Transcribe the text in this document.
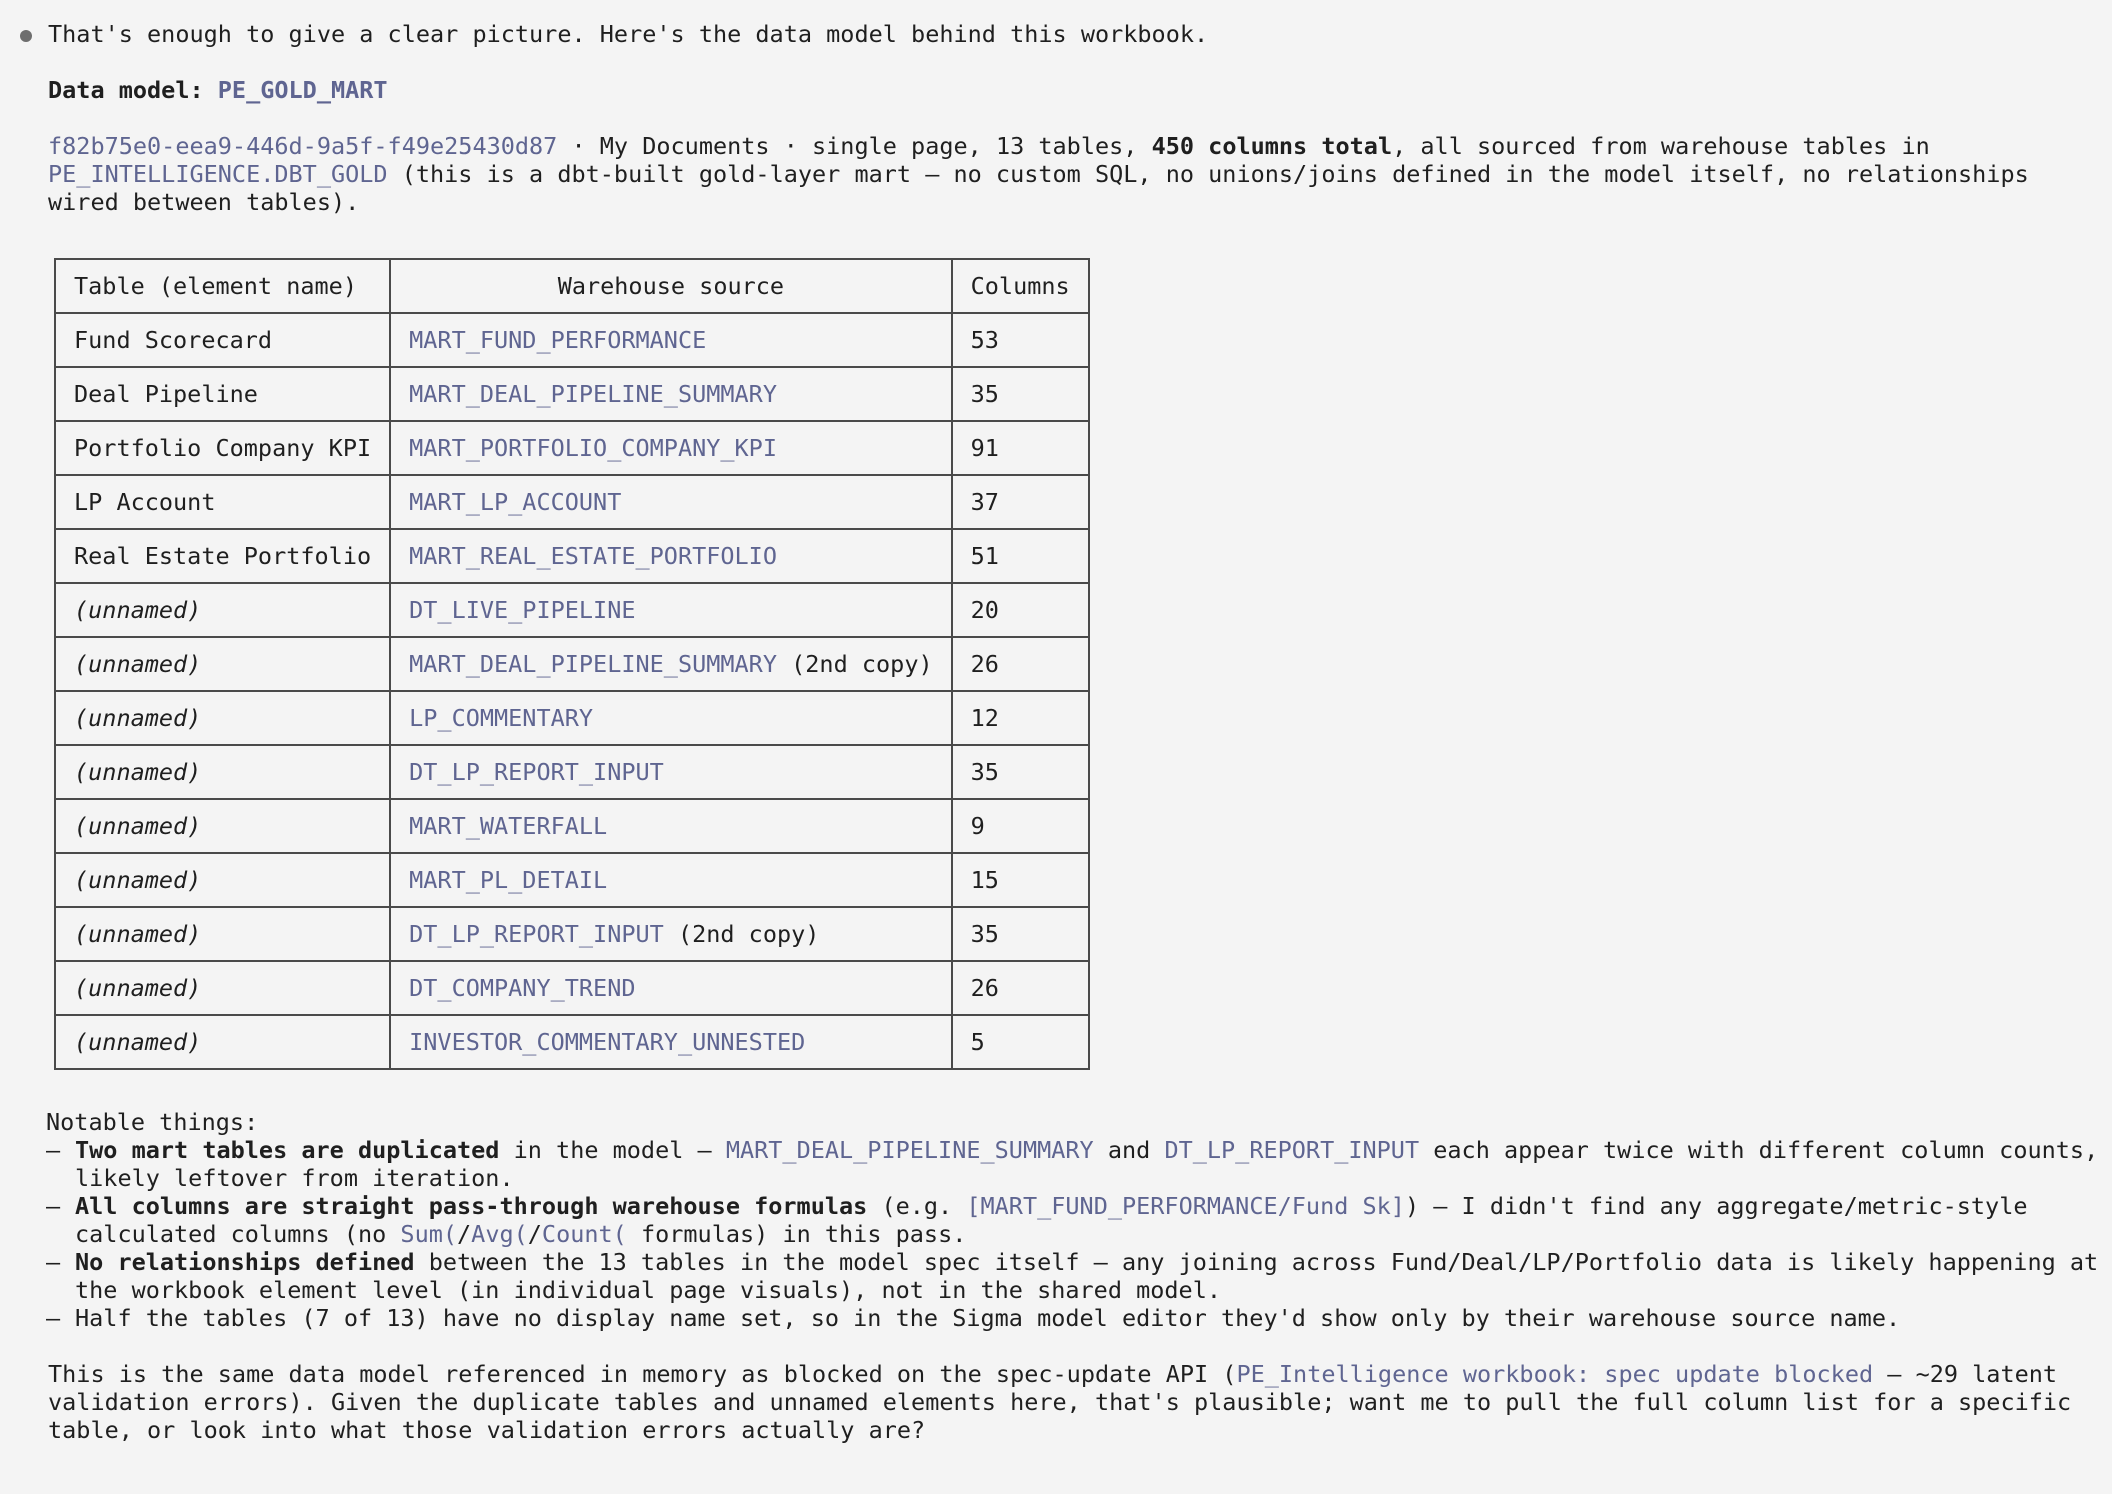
That's enough to give a clear picture. Here's the data model behind this workbook.

Data model: PE_GOLD_MART

f82b75e0-eea9-446d-9a5f-f49e25430d87 · My Documents · single page, 13 tables, 450 columns total, all sourced from warehouse tables in PE_INTELLIGENCE.DBT_GOLD (this is a dbt-built gold-layer mart — no custom SQL, no unions/joins defined in the model itself, no relationships wired between tables).

Table (element name)	Warehouse source	Columns
Fund Scorecard	MART_FUND_PERFORMANCE	53
Deal Pipeline	MART_DEAL_PIPELINE_SUMMARY	35
Portfolio Company KPI	MART_PORTFOLIO_COMPANY_KPI	91
LP Account	MART_LP_ACCOUNT	37
Real Estate Portfolio	MART_REAL_ESTATE_PORTFOLIO	51
(unnamed)	DT_LIVE_PIPELINE	20
(unnamed)	MART_DEAL_PIPELINE_SUMMARY (2nd copy)	26
(unnamed)	LP_COMMENTARY	12
(unnamed)	DT_LP_REPORT_INPUT	35
(unnamed)	MART_WATERFALL	9
(unnamed)	MART_PL_DETAIL	15
(unnamed)	DT_LP_REPORT_INPUT (2nd copy)	35
(unnamed)	DT_COMPANY_TREND	26
(unnamed)	INVESTOR_COMMENTARY_UNNESTED	5

Notable things:

– Two mart tables are duplicated in the model — MART_DEAL_PIPELINE_SUMMARY and DT_LP_REPORT_INPUT each appear twice with different column counts, likely leftover from iteration.
– All columns are straight pass-through warehouse formulas (e.g. [MART_FUND_PERFORMANCE/Fund Sk]) — I didn't find any aggregate/metric-style calculated columns (no Sum(/Avg(/Count( formulas) in this pass.
– No relationships defined between the 13 tables in the model spec itself — any joining across Fund/Deal/LP/Portfolio data is likely happening at the workbook element level (in individual page visuals), not in the shared model.
– Half the tables (7 of 13) have no display name set, so in the Sigma model editor they'd show only by their warehouse source name.

This is the same data model referenced in memory as blocked on the spec-update API (PE_Intelligence workbook: spec update blocked — ~29 latent validation errors). Given the duplicate tables and unnamed elements here, that's plausible; want me to pull the full column list for a specific table, or look into what those validation errors actually are?
